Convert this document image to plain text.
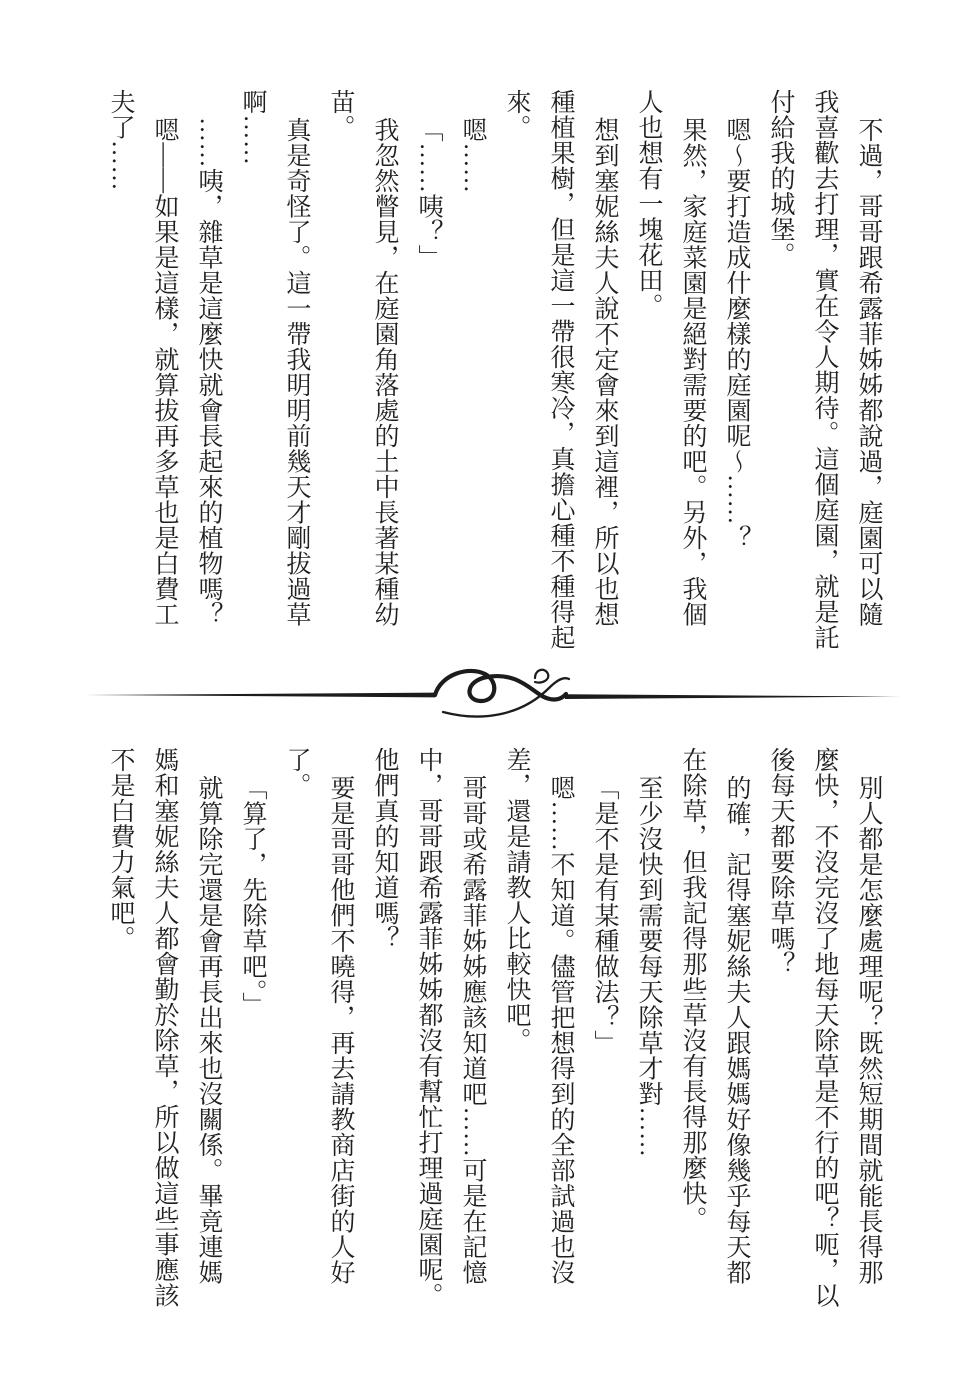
不過，哥哥跟希露菲姊姊都說過，庭園可以隨

我喜歡去打理，實在令人期待。這個庭園，就是託

付給我的城堡。

嗯～要打造成什麼樣的庭園呢～……？

果然，家庭菜園是絕對需要的吧。另外，我個

人也想有一塊花田。

想到塞妮絲夫人說不定會來到這裡，所以也想

種植果樹，但是這一帶很寒冷，真擔心種不種得起

來。

嗯……

「……咦？」

我忽然瞥見，在庭園角落處的土中長著某種幼

苗。

真是奇怪了。這一帶我明明前幾天才剛拔過草

啊……

……咦，雜草是這麼快就會長起來的植物嗎？

嗯——如果是這樣，就算拔再多草也是白費工

夫了……

別人都是怎麼處理呢？既然短期間就能長得那

麼快，不沒完沒了地每天除草是不行的吧？呃，以

後每天都要除草嗎？

的確，記得塞妮絲夫人跟媽媽好像幾乎每天都

在除草，但我記得那些草沒有長得那麼快。

至少沒快到需要每天除草才對……

「是不是有某種做法？」

嗯……不知道。儘管把想得到的全部試過也沒

差，還是請教人比較快吧。

哥哥或希露菲姊姊應該知道吧……可是在記憶

中，哥哥跟希露菲姊姊都沒有幫忙打理過庭園呢。

他們真的知道嗎？

要是哥哥他們不曉得，再去請教商店街的人好

了。

「算了，先除草吧。」

就算除完還是會再長出來也沒關係。畢竟連媽

媽和塞妮絲夫人都會勤於除草，所以做這些事應該

不是白費力氣吧。
